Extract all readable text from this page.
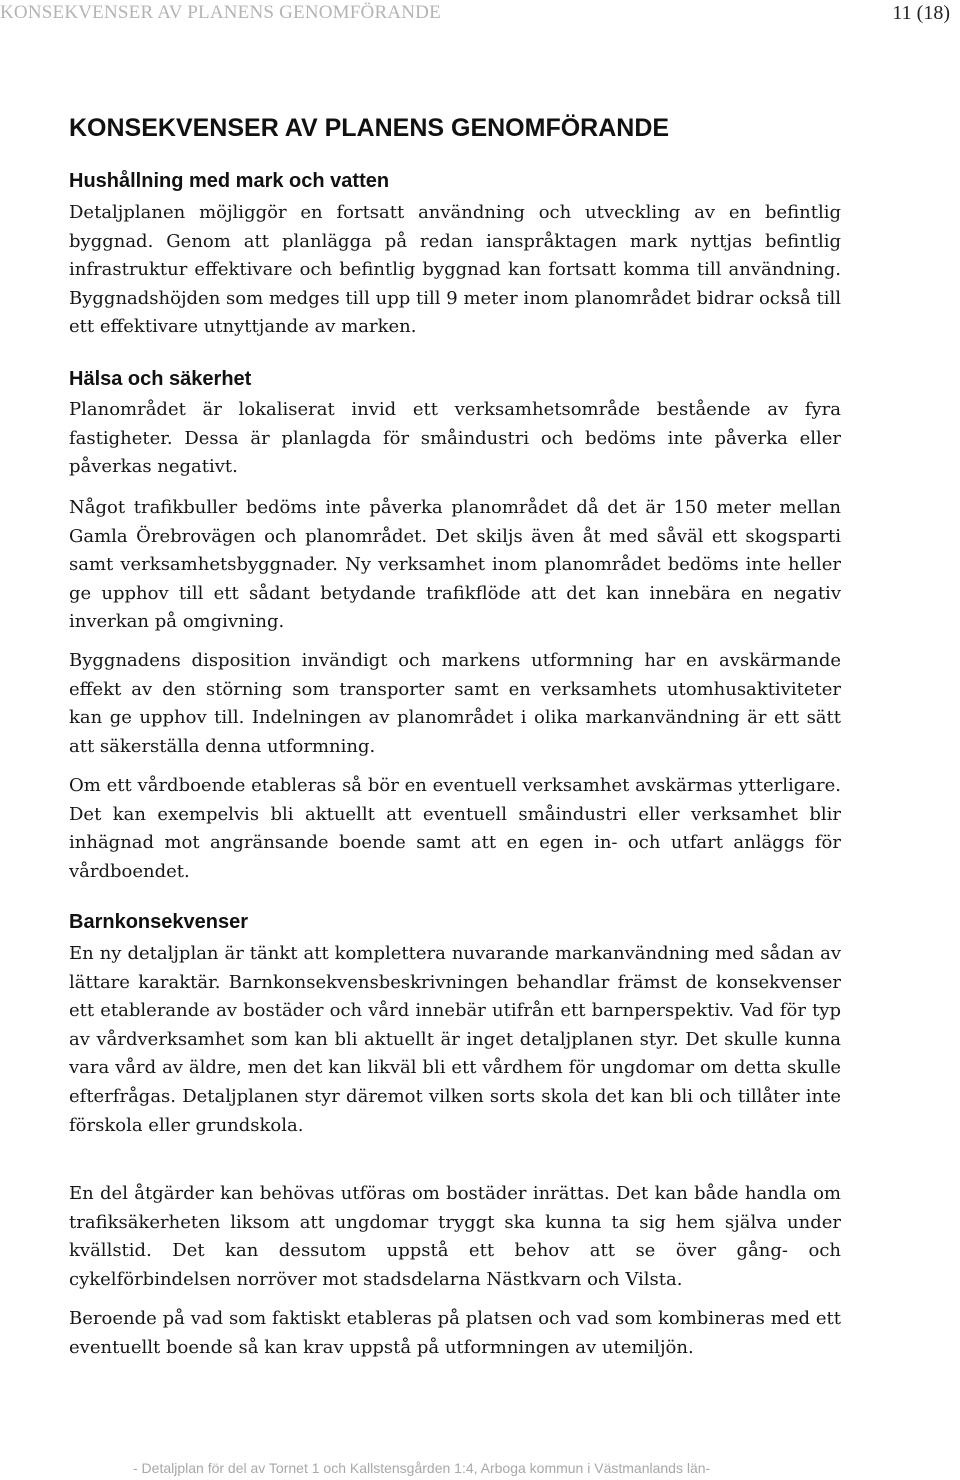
KONSEKVENSER AV PLANENS GENOMFÖRANDE	11 (18)
KONSEKVENSER AV PLANENS GENOMFÖRANDE
Hushållning med mark och vatten

Detaljplanen möjliggör en fortsatt användning och utveckling av en befintlig byggnad. Genom att planlägga på redan ianspråktagen mark nyttjas befintlig infrastruktur effektivare och befintlig byggnad kan fortsatt komma till användning. Byggnadshöjden som medges till upp till 9 meter inom planområdet bidrar också till ett effektivare utnyttjande av marken.

Hälsa och säkerhet

Planområdet är lokaliserat invid ett verksamhetsområde bestående av fyra fastigheter. Dessa är planlagda för småindustri och bedöms inte påverka eller påverkas negativt.

Något trafikbuller bedöms inte påverka planområdet då det är 150 meter mellan Gamla Örebrovägen och planområdet. Det skiljs även åt med såväl ett skogsparti samt verksamhetsbyggnader. Ny verksamhet inom planområdet bedöms inte heller ge upphov till ett sådant betydande trafikflöde att det kan innebära en negativ inverkan på omgivning.

Byggnadens disposition invändigt och markens utformning har en avskärmande effekt av den störning som transporter samt en verksamhets utomhusaktiviteter kan ge upphov till. Indelningen av planområdet i olika markanvändning är ett sätt att säkerställa denna utformning.

Om ett vårdboende etableras så bör en eventuell verksamhet avskärmas ytterligare. Det kan exempelvis bli aktuellt att eventuell småindustri eller verksamhet blir inhägnad mot angränsande boende samt att en egen in- och utfart anläggs för vårdboendet.

Barnkonsekvenser

En ny detaljplan är tänkt att komplettera nuvarande markanvändning med sådan av lättare karaktär. Barnkonsekvensbeskrivningen behandlar främst de konsekvenser ett etablerande av bostäder och vård innebär utifrån ett barnperspektiv. Vad för typ av vårdverksamhet som kan bli aktuellt är inget detaljplanen styr. Det skulle kunna vara vård av äldre, men det kan likväl bli ett vårdhem för ungdomar om detta skulle efterfrågas. Detaljplanen styr däremot vilken sorts skola det kan bli och tillåter inte förskola eller grundskola.

En del åtgärder kan behövas utföras om bostäder inrättas. Det kan både handla om trafiksäkerheten liksom att ungdomar tryggt ska kunna ta sig hem själva under kvällstid. Det kan dessutom uppstå ett behov att se över gång- och cykelförbindelsen norröver mot stadsdelarna Nästkvarn och Vilsta.

Beroende på vad som faktiskt etableras på platsen och vad som kombineras med ett eventuellt boende så kan krav uppstå på utformningen av utemiljön.

- Detaljplan för del av Tornet 1 och Kallstensgården 1:4, Arboga kommun i Västmanlands län-
